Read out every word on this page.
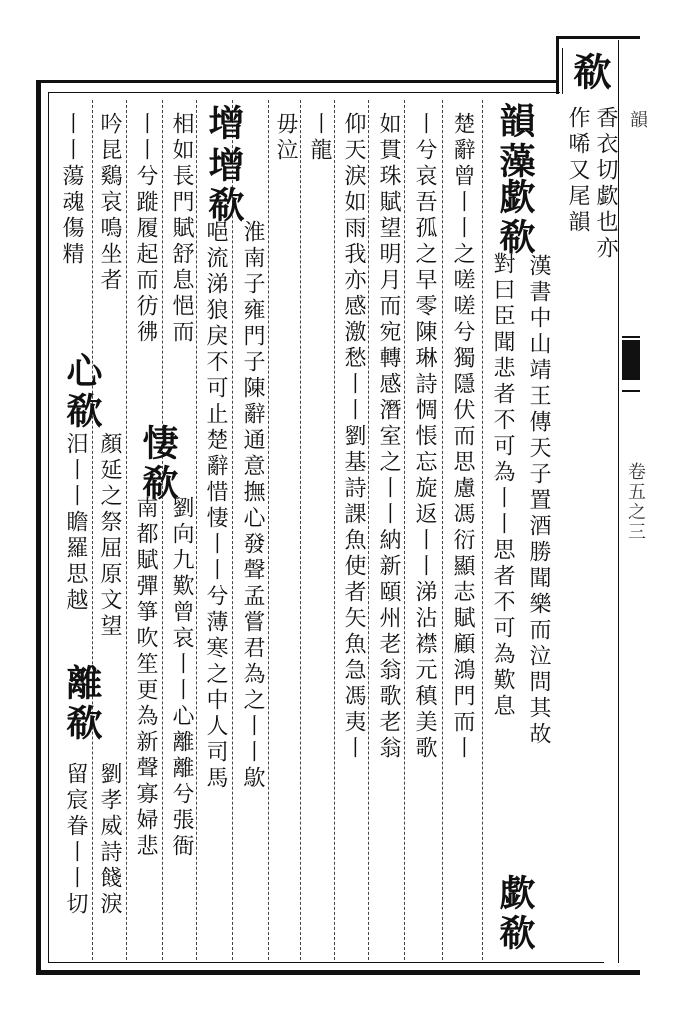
韻
卷五之三
欷
香衣切歔也亦
作唏又尾韻
韻藻
歔欷
漢書中山靖王傳天子置酒勝聞樂而泣問其故
歔欷
對曰臣聞悲者不可為丨丨思者不可為歎息
楚辭曾丨丨之嗟嗟兮獨隱伏而思慮馮衍顯志賦顧鴻門而丨
丨兮哀吾孤之早零陳琳詩惆悵忘旋返丨丨涕沾襟元稹美歌
如貫珠賦望明月而宛轉感潛室之丨丨納新頤州老翁歌老翁
仰天淚如雨我亦感激愁丨丨劉基詩課魚使者矢魚急馮夷丨
丨龍
毋泣
增
增欷
淮南子雍門子陳辭通意撫心發聲孟嘗君為之丨丨歍
唈流涕狼戾不可止楚辭惜悽丨丨兮薄寒之中人司馬
相如長門賦舒息悒而
悽欷
劉向九歎曾哀丨丨心離離兮張衙
丨丨兮蹝履起而彷彿
南都賦彈箏吹笙更為新聲寡婦悲
吟昆鷄哀鳴坐者
心欷
顏延之祭屈原文望
離欷
劉孝威詩餞淚
丨丨蕩魂傷精
汨丨丨瞻羅思越
留宸眷丨丨切
